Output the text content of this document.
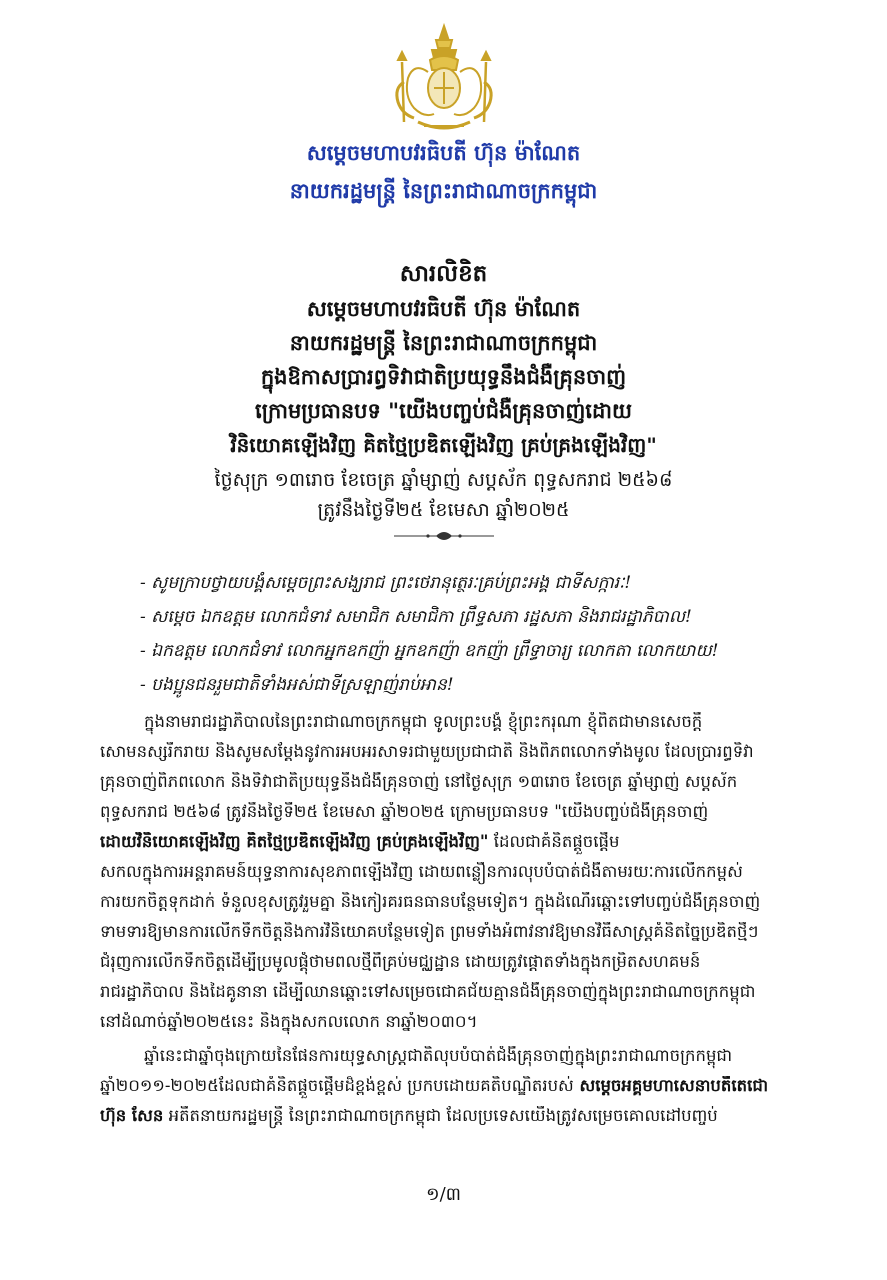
សម្តេចមហាបវរធិបតី ហ៊ុន ម៉ាណែត
នាយករដ្ឋមន្ត្រី នៃព្រះរាជាណាចក្រកម្ពុជា
សារលិខិត
សម្តេចមហាបវរធិបតី ហ៊ុន ម៉ាណែត
នាយករដ្ឋមន្ត្រី នៃព្រះរាជាណាចក្រកម្ពុជា
ក្នុងឱកាសប្រារព្ធទិវាជាតិប្រយុទ្ធនឹងជំងឺគ្រុនចាញ់
ក្រោមប្រធានបទ "យើងបញ្ចប់ជំងឺគ្រុនចាញ់ដោយ
វិនិយោគឡើងវិញ គិតថ្មៃប្រឌិតឡើងវិញ គ្រប់គ្រងឡើងវិញ"
ថ្ងៃសុក្រ ១៣រោច ខែចេត្រ ឆ្នាំម្សាញ់ សប្តស័ក ពុទ្ធសករាជ ២៥៦៨
ត្រូវនឹងថ្ងៃទី២៥ ខែមេសា ឆ្នាំ២០២៥
- សូមក្រាបថ្វាយបង្គំសម្តេចព្រះសង្ឃរាជ ព្រះថេរានុត្ថេរៈគ្រប់ព្រះអង្គ ជាទីសក្ការៈ!
- សម្តេច ឯកឧត្តម លោកជំទាវ សមាជិក សមាជិកា ព្រឹទ្ធសភា រដ្ឋសភា និងរាជរដ្ឋាភិបាល!
- ឯកឧត្តម លោកជំទាវ លោកអ្នកឧកញ៉ា អ្នកឧកញ៉ា ឧកញ៉ា ព្រឹទ្ធាចារ្យ លោកតា លោកយាយ!
- បងប្អូនជនរួមជាតិទាំងអស់ជាទីស្រឡាញ់រាប់អាន!
ក្នុងនាមរាជរដ្ឋាភិបាលនៃព្រះរាជាណាចក្រកម្ពុជា ទូលព្រះបង្គំ ខ្ញុំព្រះករុណា ខ្ញុំពិតជាមានសេចក្តី
សោមនស្សរីករាយ និងសូមសម្តែងនូវការអបអរសាទរជាមួយប្រជាជាតិ និងពិភពលោកទាំងមូល ដែលប្រារព្ធទិវា
គ្រុនចាញ់ពិភពលោក និងទិវាជាតិប្រយុទ្ធនឹងជំងឺគ្រុនចាញ់ នៅថ្ងៃសុក្រ ១៣រោច ខែចេត្រ ឆ្នាំម្សាញ់ សប្តស័ក
ពុទ្ធសករាជ ២៥៦៨ ត្រូវនឹងថ្ងៃទី២៥ ខែមេសា ឆ្នាំ២០២៥ ក្រោមប្រធានបទ "យើងបញ្ចប់ជំងឺគ្រុនចាញ់
ដោយវិនិយោគឡើងវិញ គិតថ្មៃប្រឌិតឡើងវិញ គ្រប់គ្រងឡើងវិញ" ដែលជាគំនិតផ្តួចផ្តើម
សកលក្នុងការអន្តរាគមន៍យុទ្ធនាការសុខភាពឡើងវិញ ដោយពន្លឿនការលុបបំបាត់ជំងឺតាមរយៈការលើកកម្ពស់
ការយកចិត្តទុកដាក់ ទំនួលខុសត្រូវរួមគ្នា និងកៀរគរធនធានបន្ថែមទៀត។ ក្នុងដំណើរឆ្ពោះទៅបញ្ចប់ជំងឺគ្រុនចាញ់
ទាមទារឱ្យមានការលើកទឹកចិត្តនិងការវិនិយោគបន្ថែមទៀត ព្រមទាំងអំពាវនាវឱ្យមានវិធីសាស្ត្រគំនិតច្នៃប្រឌិតថ្មីៗ
ជំរុញការលើកទឹកចិត្តដើម្បីប្រមូលផ្តុំថាមពលថ្មីពីគ្រប់មជ្ឈដ្ឋាន ដោយត្រូវផ្តោតទាំងក្នុងកម្រិតសហគមន៍
រាជរដ្ឋាភិបាល និងដៃគូនានា ដើម្បីឈានឆ្ពោះទៅសម្រេចជោគជ័យគ្មានជំងឺគ្រុនចាញ់ក្នុងព្រះរាជាណាចក្រកម្ពុជា
នៅដំណាច់ឆ្នាំ២០២៥នេះ និងក្នុងសកលលោក នាឆ្នាំ២០៣០។
ឆ្នាំនេះជាឆ្នាំចុងក្រោយនៃផែនការយុទ្ធសាស្ត្រជាតិលុបបំបាត់ជំងឺគ្រុនចាញ់ក្នុងព្រះរាជាណាចក្រកម្ពុជា
ឆ្នាំ២០១១-២០២៥ដែលជាគំនិតផ្តួចផ្តើមដ៏ខ្ពង់ខ្ពស់ ប្រកបដោយគតិបណ្ឌិតរបស់ សម្តេចអគ្គមហាសេនាបតីតេជោ
ហ៊ុន សែន អតីតនាយករដ្ឋមន្ត្រី នៃព្រះរាជាណាចក្រកម្ពុជា ដែលប្រទេសយើងត្រូវសម្រេចគោលដៅបញ្ចប់
១/៣
